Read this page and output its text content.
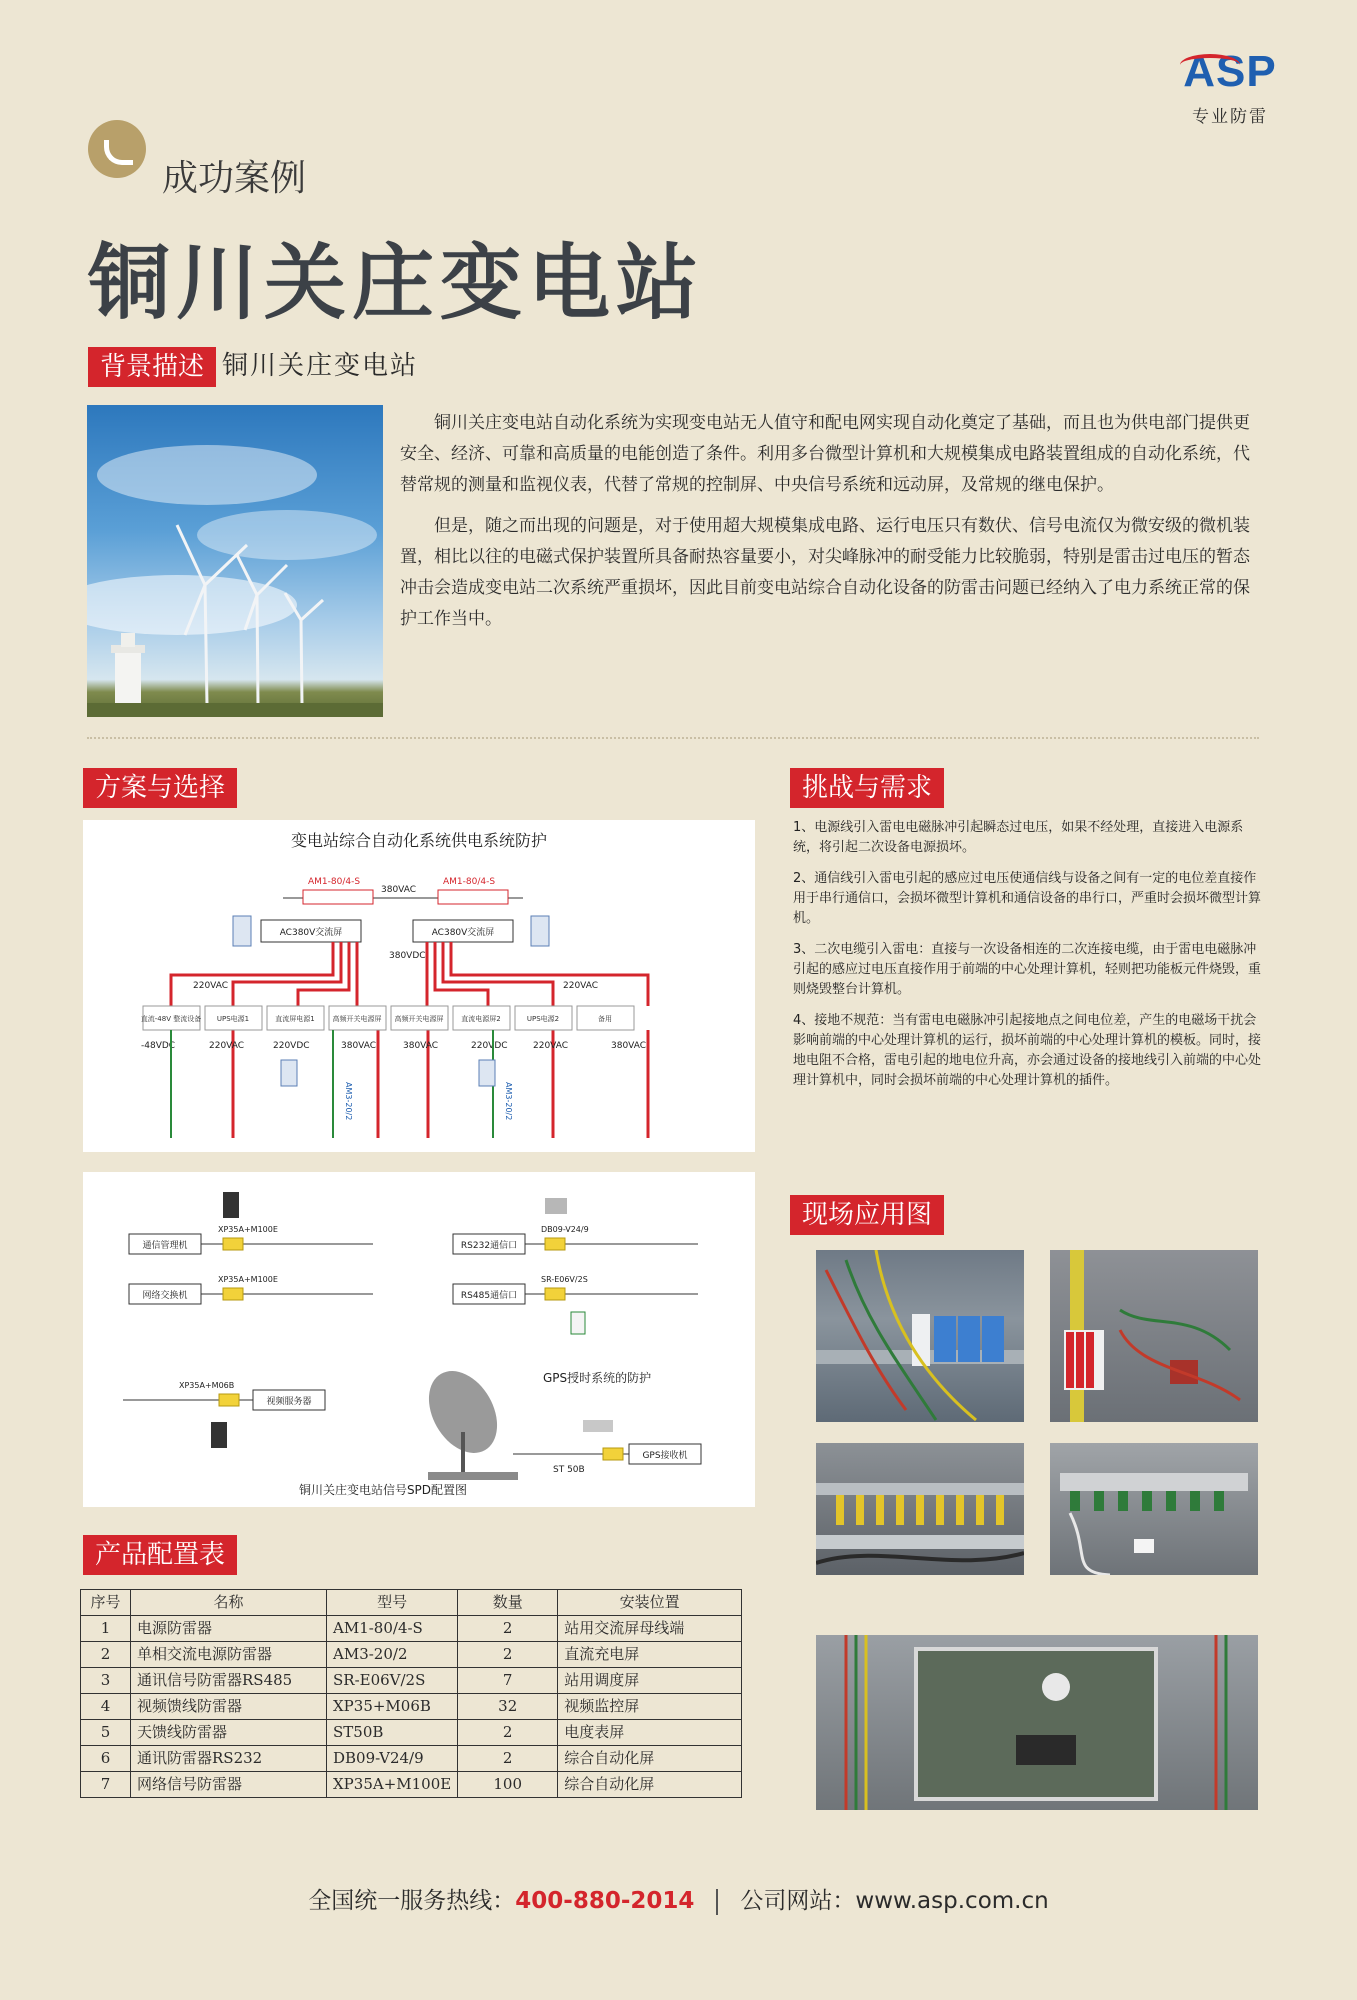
ASP
专业防雷
成功案例
铜川关庄变电站
背景描述 铜川关庄变电站

铜川关庄变电站自动化系统为实现变电站无人值守和配电网实现自动化奠定了基础，而且也为供电部门提供更安全、经济、可靠和高质量的电能创造了条件。利用多台微型计算机和大规模集成电路装置组成的自动化系统，代替常规的测量和监视仪表，代替了常规的控制屏、中央信号系统和远动屏，及常规的继电保护。

但是，随之而出现的问题是，对于使用超大规模集成电路、运行电压只有数伏、信号电流仅为微安级的微机装置，相比以往的电磁式保护装置所具备耐热容量要小，对尖峰脉冲的耐受能力比较脆弱，特别是雷击过电压的暂态冲击会造成变电站二次系统严重损坏，因此目前变电站综合自动化设备的防雷击问题已经纳入了电力系统正常的保护工作当中。

方案与选择
变电站综合自动化系统供电系统防护
380VAC
AM1-80/4-S	AM1-80/4-S
AC380V交流屏	AC380V交流屏
380VDC
220VAC	220VAC
直流-48V 整流设备 UPS电源1	直流屏电源1	高频开关电源屏 高频开关电源屏	直流电源屏2	UPS电源2	备用
-48VDC	220VAC	220VDC	380VAC	380VAC	220VDC	220VAC	380VAC
AM3-20/2	AM3-20/2
通信管理机
网络交换机
视频服务器
RS232通信口
RS485通信口
GPS接收机
XP35A+M100E
XP35A+M100E
XP35A+M06B
DB09-V24/9
SR-E06V/2S
ST 50B
GPS授时系统的防护
铜川关庄变电站信号SPD配置图
挑战与需求
1、电源线引入雷电电磁脉冲引起瞬态过电压，如果不经处理，直接进入电源系统，将引起二次设备电源损坏。
2、通信线引入雷电引起的感应过电压使通信线与设备之间有一定的电位差直接作用于串行通信口，会损坏微型计算机和通信设备的串行口，严重时会损坏微型计算机。
3、二次电缆引入雷电：直接与一次设备相连的二次连接电缆，由于雷电电磁脉冲引起的感应过电压直接作用于前端的中心处理计算机，轻则把功能板元件烧毁，重则烧毁整台计算机。
4、接地不规范：当有雷电电磁脉冲引起接地点之间电位差，产生的电磁场干扰会影响前端的中心处理计算机的运行，损坏前端的中心处理计算机的模板。同时，接地电阻不合格，雷电引起的地电位升高，亦会通过设备的接地线引入前端的中心处理计算机中，同时会损坏前端的中心处理计算机的插件。
现场应用图
产品配置表
序号	名称	型号	数量	安装位置
1	电源防雷器	AM1-80/4-S	2	站用交流屏母线端
2	单相交流电源防雷器	AM3-20/2	2	直流充电屏
3	通讯信号防雷器RS485	SR-E06V/2S	7	站用调度屏
4	视频馈线防雷器	XP35+M06B	32	视频监控屏
5	天馈线防雷器	ST50B	2	电度表屏
6	通讯防雷器RS232	DB09-V24/9	2	综合自动化屏
7	网络信号防雷器	XP35A+M100E	100	综合自动化屏
全国统一服务热线：400-880-2014 公司网站：www.asp.com.cn
